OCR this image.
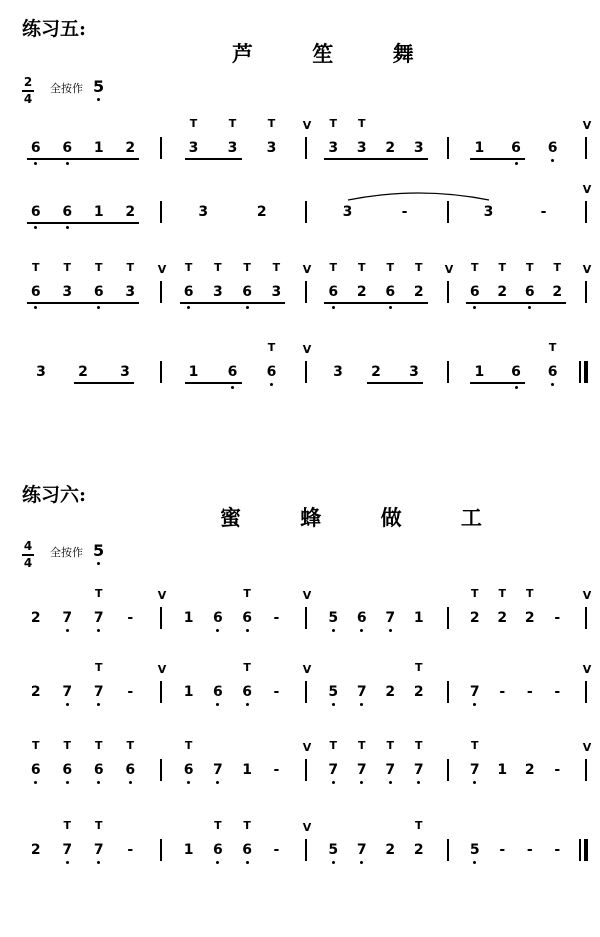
练习五:
芦 笙 舞
2
4
全按作 5
练习六:
蜜 蜂 做 工
4
4
全按作 5
6 6 1 2	3
T
3
T
3
T V
3
T
3
T
2 3	1 6 6
V
6 6 1 2	3	2	3	-	3	-
V
6
T
3
T
6
T
3
T V
6
T
3
T
6
T
3
T V
6
T
2
T
6
T
2
T V
6
T
2
T
6
T
2
T V
3 2 3	1 6 6
T V
3 2 3	1 6 6
T
2 7 7
T
-
V
1 6 6
T
-
V
5 6 7 1	2
T
2
T
2
T
-
V
2 7 7
T
-
V
1 6 6
T
-
V
5 7 2 2
T
7 - - -
V
6
T
6
T
6
T
6
T
6
T
7 1 -
V
7
T
7
T
7
T
7
T
7
T
1 2 -
V
2 7
T
7
T
-	1 6
T
6
T
-
V
5 7 2 2
T
5 - - -
